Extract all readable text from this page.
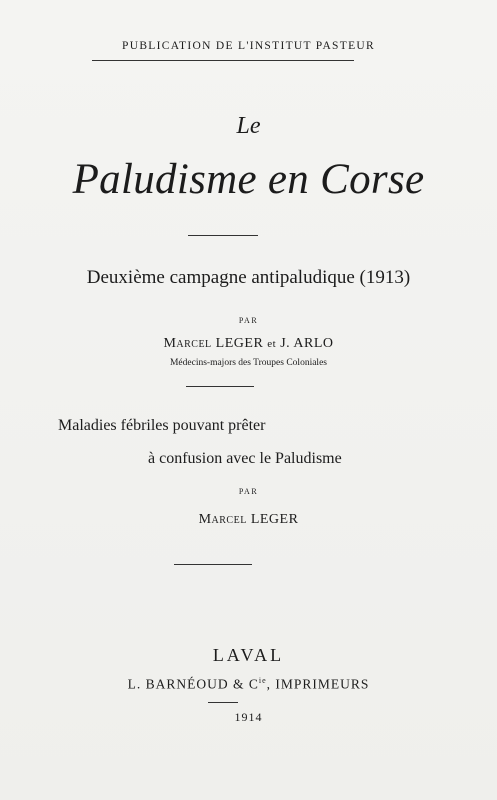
PUBLICATION DE L'INSTITUT PASTEUR
Le
Paludisme en Corse
Deuxième campagne antipaludique (1913)
PAR
Marcel LEGER et J. ARLO
Médecins-majors des Troupes Coloniales
Maladies fébriles pouvant prêter
à confusion avec le Paludisme
PAR
Marcel LEGER
LAVAL
L. BARNÉOUD & $C^{ie}$, IMPRIMEURS
1914
